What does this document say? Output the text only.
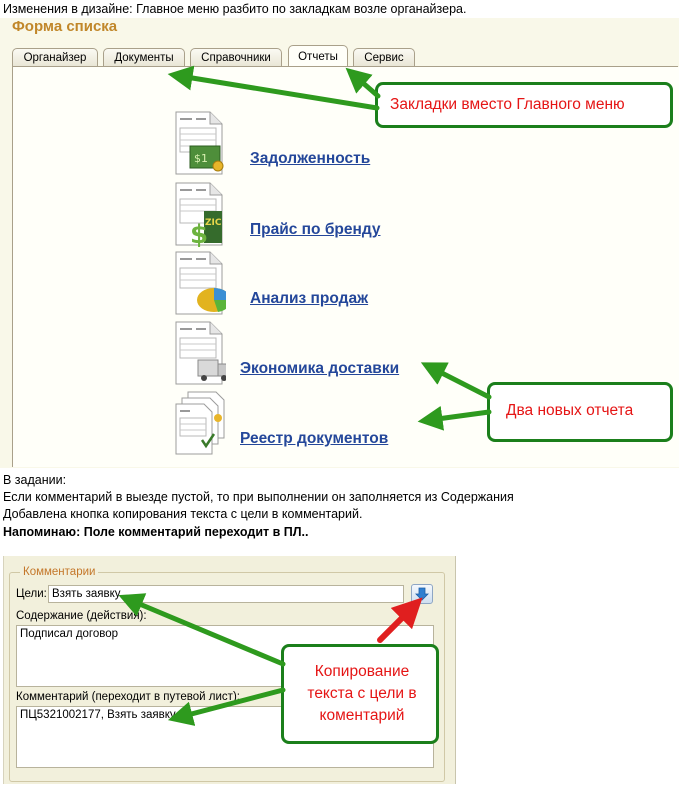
Изменения в дизайне: Главное меню разбито по закладкам возле органайзера.
Форма списка
Органайзер	Документы	Справочники	Отчеты	Сервис
$1	Задолженность
ZIC
$	Прайс по бренду
Анализ продаж
Экономика доставки
Реестр документов
Закладки вместо Главного меню
Два новых отчета
В задании:
Если комментарий в выезде пустой, то при выполнении он заполняется из Содержания
Добавлена кнопка копирования текста с цели в комментарий.
Напоминаю: Поле комментарий переходит в ПЛ..
Комментарии
Цели: Взять заявку
Содержание (действия):
Подписал договор
Комментарий (переходит в путевой лист):
ПЦ5321002177, Взять заявку
Копирование текста с цели в коментарий
